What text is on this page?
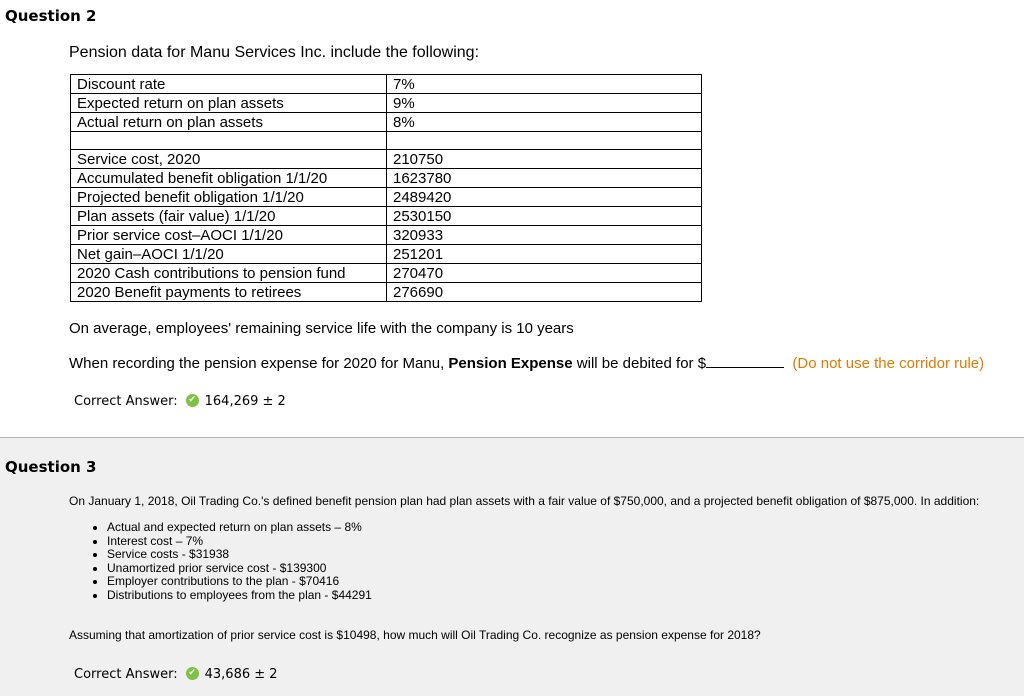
Question 2
Pension data for Manu Services Inc. include the following:
Discount rate	7%
Expected return on plan assets	9%
Actual return on plan assets	8%

Service cost, 2020	210750
Accumulated benefit obligation 1/1/20	1623780
Projected benefit obligation 1/1/20	2489420
Plan assets (fair value) 1/1/20	2530150
Prior service cost–AOCI 1/1/20	320933
Net gain–AOCI 1/1/20	251201
2020 Cash contributions to pension fund	270470
2020 Benefit payments to retirees	276690
On average, employees' remaining service life with the company is 10 years
When recording the pension expense for 2020 for Manu, Pension Expense will be debited for $	(Do not use the corridor rule)
Correct Answer: ✔ 164,269 ± 2
Question 3
On January 1, 2018, Oil Trading Co.'s defined benefit pension plan had plan assets with a fair value of $750,000, and a projected benefit obligation of $875,000. In addition:
• Actual and expected return on plan assets – 8%
• Interest cost – 7%
• Service costs - $31938
• Unamortized prior service cost - $139300
• Employer contributions to the plan - $70416
• Distributions to employees from the plan - $44291
Assuming that amortization of prior service cost is $10498, how much will Oil Trading Co. recognize as pension expense for 2018?
Correct Answer: ✔ 43,686 ± 2
